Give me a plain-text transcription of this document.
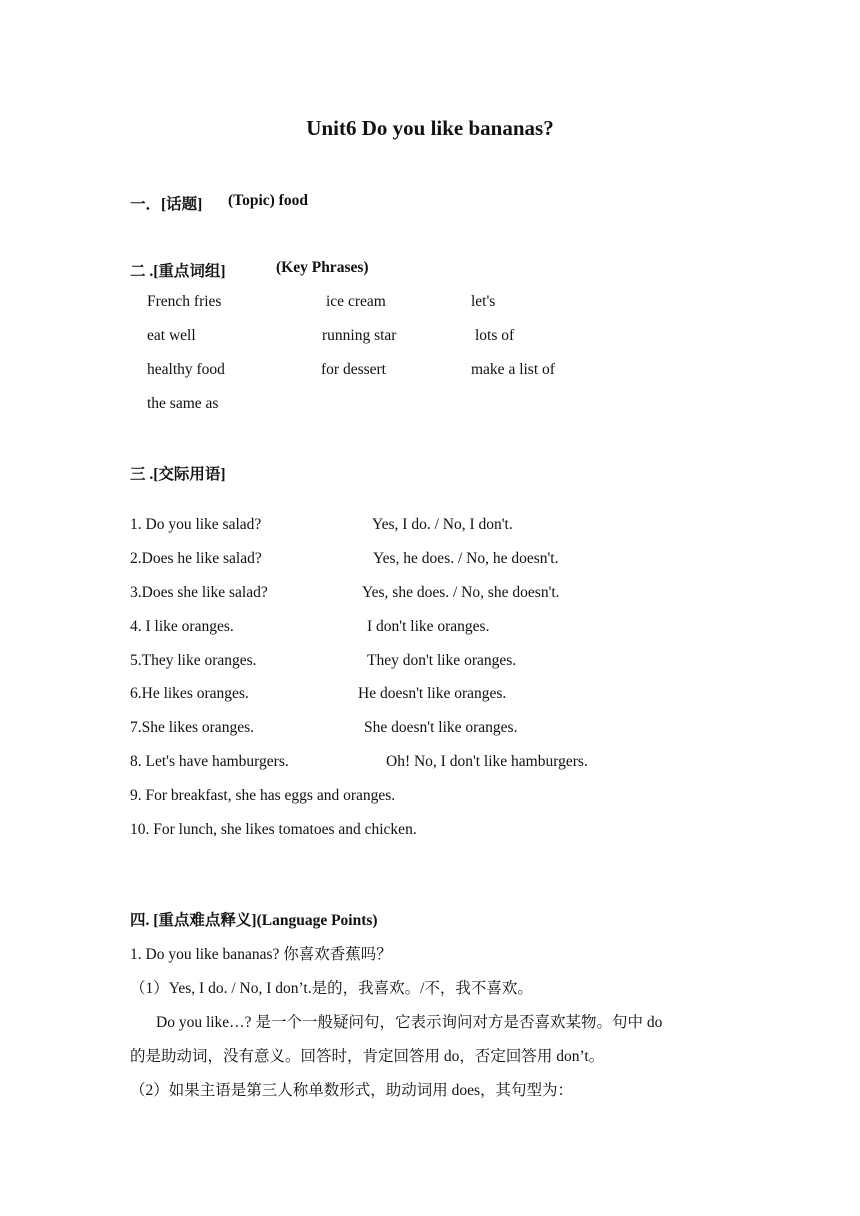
Unit6 Do you like bananas?
一．[话题] (Topic) food
二 .[重点词组]	(Key Phrases)
French fries	ice cream	let's
eat well	running star	lots of
healthy food	for dessert	make a list of
the same as
三 .[交际用语]
1. Do you like salad?	Yes, I do. / No, I don't.
2.Does he like salad?	Yes, he does. / No, he doesn't.
3.Does she like salad?	Yes, she does. / No, she doesn't.
4. I like oranges.	I don't like oranges.
5.They like oranges.	They don't like oranges.
6.He likes oranges.	He doesn't like oranges.
7.She likes oranges.	She doesn't like oranges.
8. Let's have hamburgers.	Oh! No, I don't like hamburgers.
9. For breakfast, she has eggs and oranges.
10. For lunch, she likes tomatoes and chicken.
四. [重点难点释义](Language Points)
1. Do you like bananas? 你喜欢香蕉吗？
（1）Yes, I do. / No, I don’t.是的，我喜欢。/不，我不喜欢。
Do you like…? 是一个一般疑问句，它表示询问对方是否喜欢某物。句中 do
的是助动词，没有意义。回答时，肯定回答用 do，否定回答用 don’t。
（2）如果主语是第三人称单数形式，助动词用 does，其句型为：
